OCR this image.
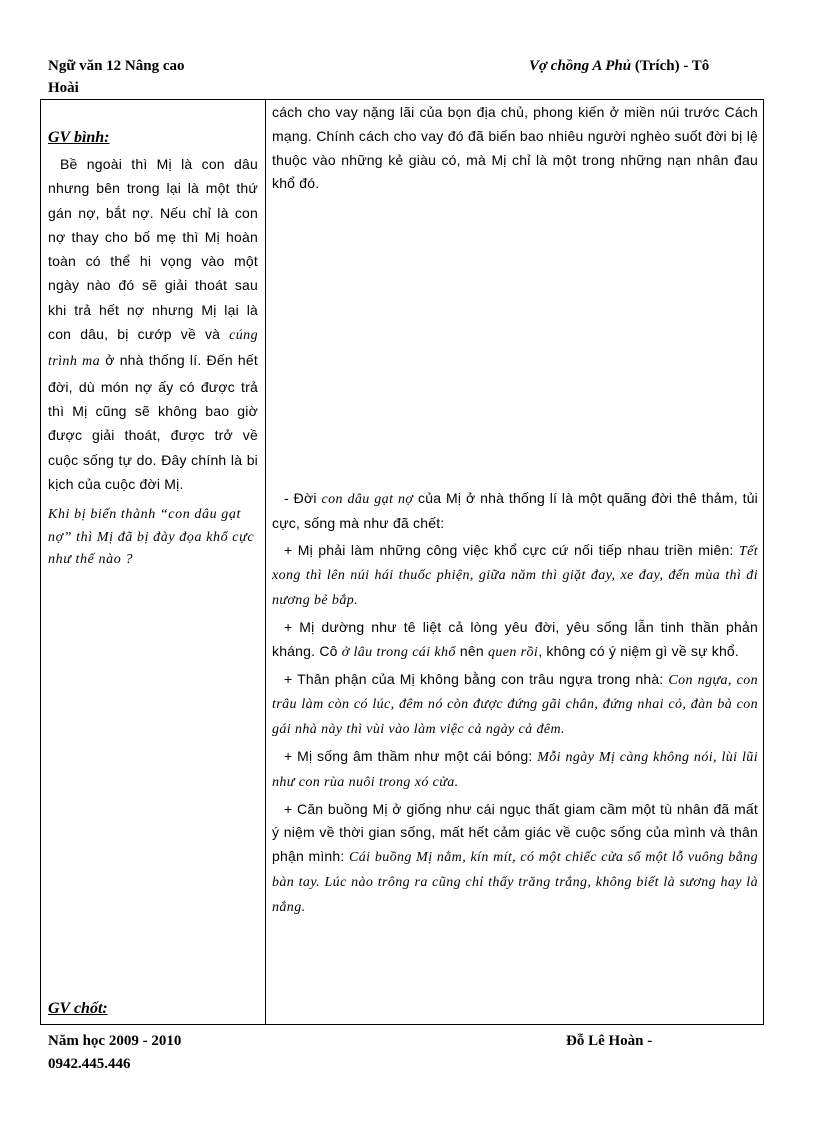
Ngữ văn 12 Nâng cao
Hoài
Vợ chồng A Phủ (Trích) - Tô
GV bình:
Bề ngoài thì Mị là con dâu nhưng bên trong lại là một thứ gán nợ, bắt nợ. Nếu chỉ là con nợ thay cho bố mẹ thì Mị hoàn toàn có thể hi vọng vào một ngày nào đó sẽ giải thoát sau khi trả hết nợ nhưng Mị lại là con dâu, bị cướp về và cúng trình ma ở nhà thống lí. Đến hết đời, dù món nợ ấy có được trả thì Mị cũng sẽ không bao giờ được giải thoát, được trở về cuộc sống tự do. Đây chính là bi kịch của cuộc đời Mị.
Khi bị biến thành “con dâu gạt nợ” thì Mị đã bị đày đọa khổ cực như thế nào ?
GV chốt:

cách cho vay nặng lãi của bọn địa chủ, phong kiến ở miền núi trước Cách mạng. Chính cách cho vay đó đã biến bao nhiêu người nghèo suốt đời bị lệ thuộc vào những kẻ giàu có, mà Mị chỉ là một trong những nạn nhân đau khổ đó.

- Đời con dâu gạt nợ của Mị ở nhà thống lí là một quãng đời thê thảm, tủi cực, sống mà như đã chết:

+ Mị phải làm những công việc khổ cực cứ nối tiếp nhau triền miên: Tết xong thì lên núi hái thuốc phiện, giữa năm thì giặt đay, xe đay, đến mùa thì đi nương bẻ bắp.

+ Mị dường như tê liệt cả lòng yêu đời, yêu sống lẫn tinh thần phản kháng. Cô ở lâu trong cái khổ nên quen rồi, không có ý niệm gì về sự khổ.

+ Thân phận của Mị không bằng con trâu ngựa trong nhà: Con ngựa, con trâu làm còn có lúc, đêm nó còn được đứng gãi chân, đứng nhai cỏ, đàn bà con gái nhà này thì vùi vào làm việc cả ngày cả đêm.

+ Mị sống âm thầm như một cái bóng: Mỗi ngày Mị càng không nói, lùi lũi như con rùa nuôi trong xó cửa.

+ Căn buồng Mị ở giống như cái ngục thất giam cầm một tù nhân đã mất ý niệm về thời gian sống, mất hết cảm giác về cuộc sống của mình và thân phận mình: Cái buồng Mị nằm, kín mít, có một chiếc cửa sổ một lỗ vuông bằng bàn tay. Lúc nào trông ra cũng chỉ thấy trăng trắng, không biết là sương hay là nắng.

Năm học 2009 - 2010
0942.445.446
Đỗ Lê Hoàn -
